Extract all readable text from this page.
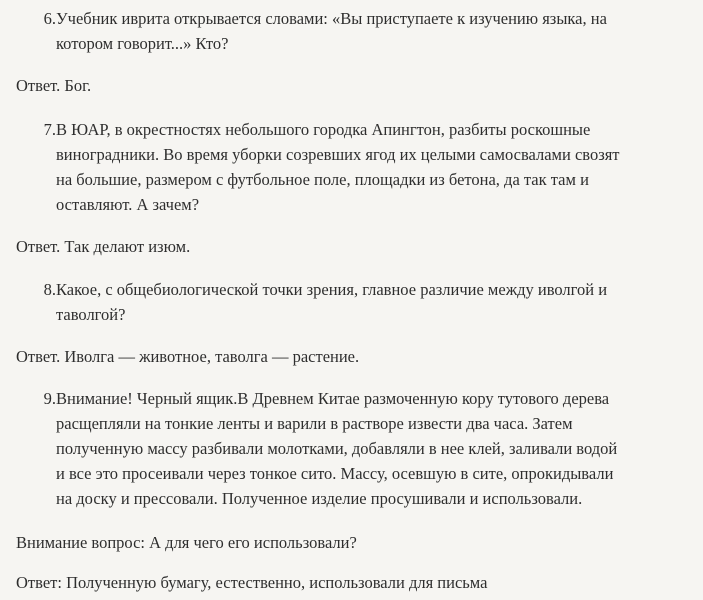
6. Учебник иврита открывается словами: «Вы приступаете к изучению языка, на
котором говорит...» Кто?
Ответ. Бог.
7. В ЮАР, в окрестностях небольшого городка Апингтон, разбиты роскошные
виноградники. Во время уборки созревших ягод их целыми самосвалами свозят
на большие, размером с футбольное поле, площадки из бетона, да так там и
оставляют. А зачем?
Ответ. Так делают изюм.
8. Какое, с общебиологической точки зрения, главное различие между иволгой и
таволгой?
Ответ. Иволга — животное, таволга — растение.
9. Внимание! Черный ящик.В Древнем Китае размоченную кору тутового дерева
расщепляли на тонкие ленты и варили в растворе извести два часа. Затем
полученную массу разбивали молотками, добавляли в нее клей, заливали водой
и все это просеивали через тонкое сито. Массу, осевшую в сите, опрокидывали
на доску и прессовали. Полученное изделие просушивали и использовали.
Внимание вопрос: А для чего его использовали?
Ответ: Полученную бумагу, естественно, использовали для письма
